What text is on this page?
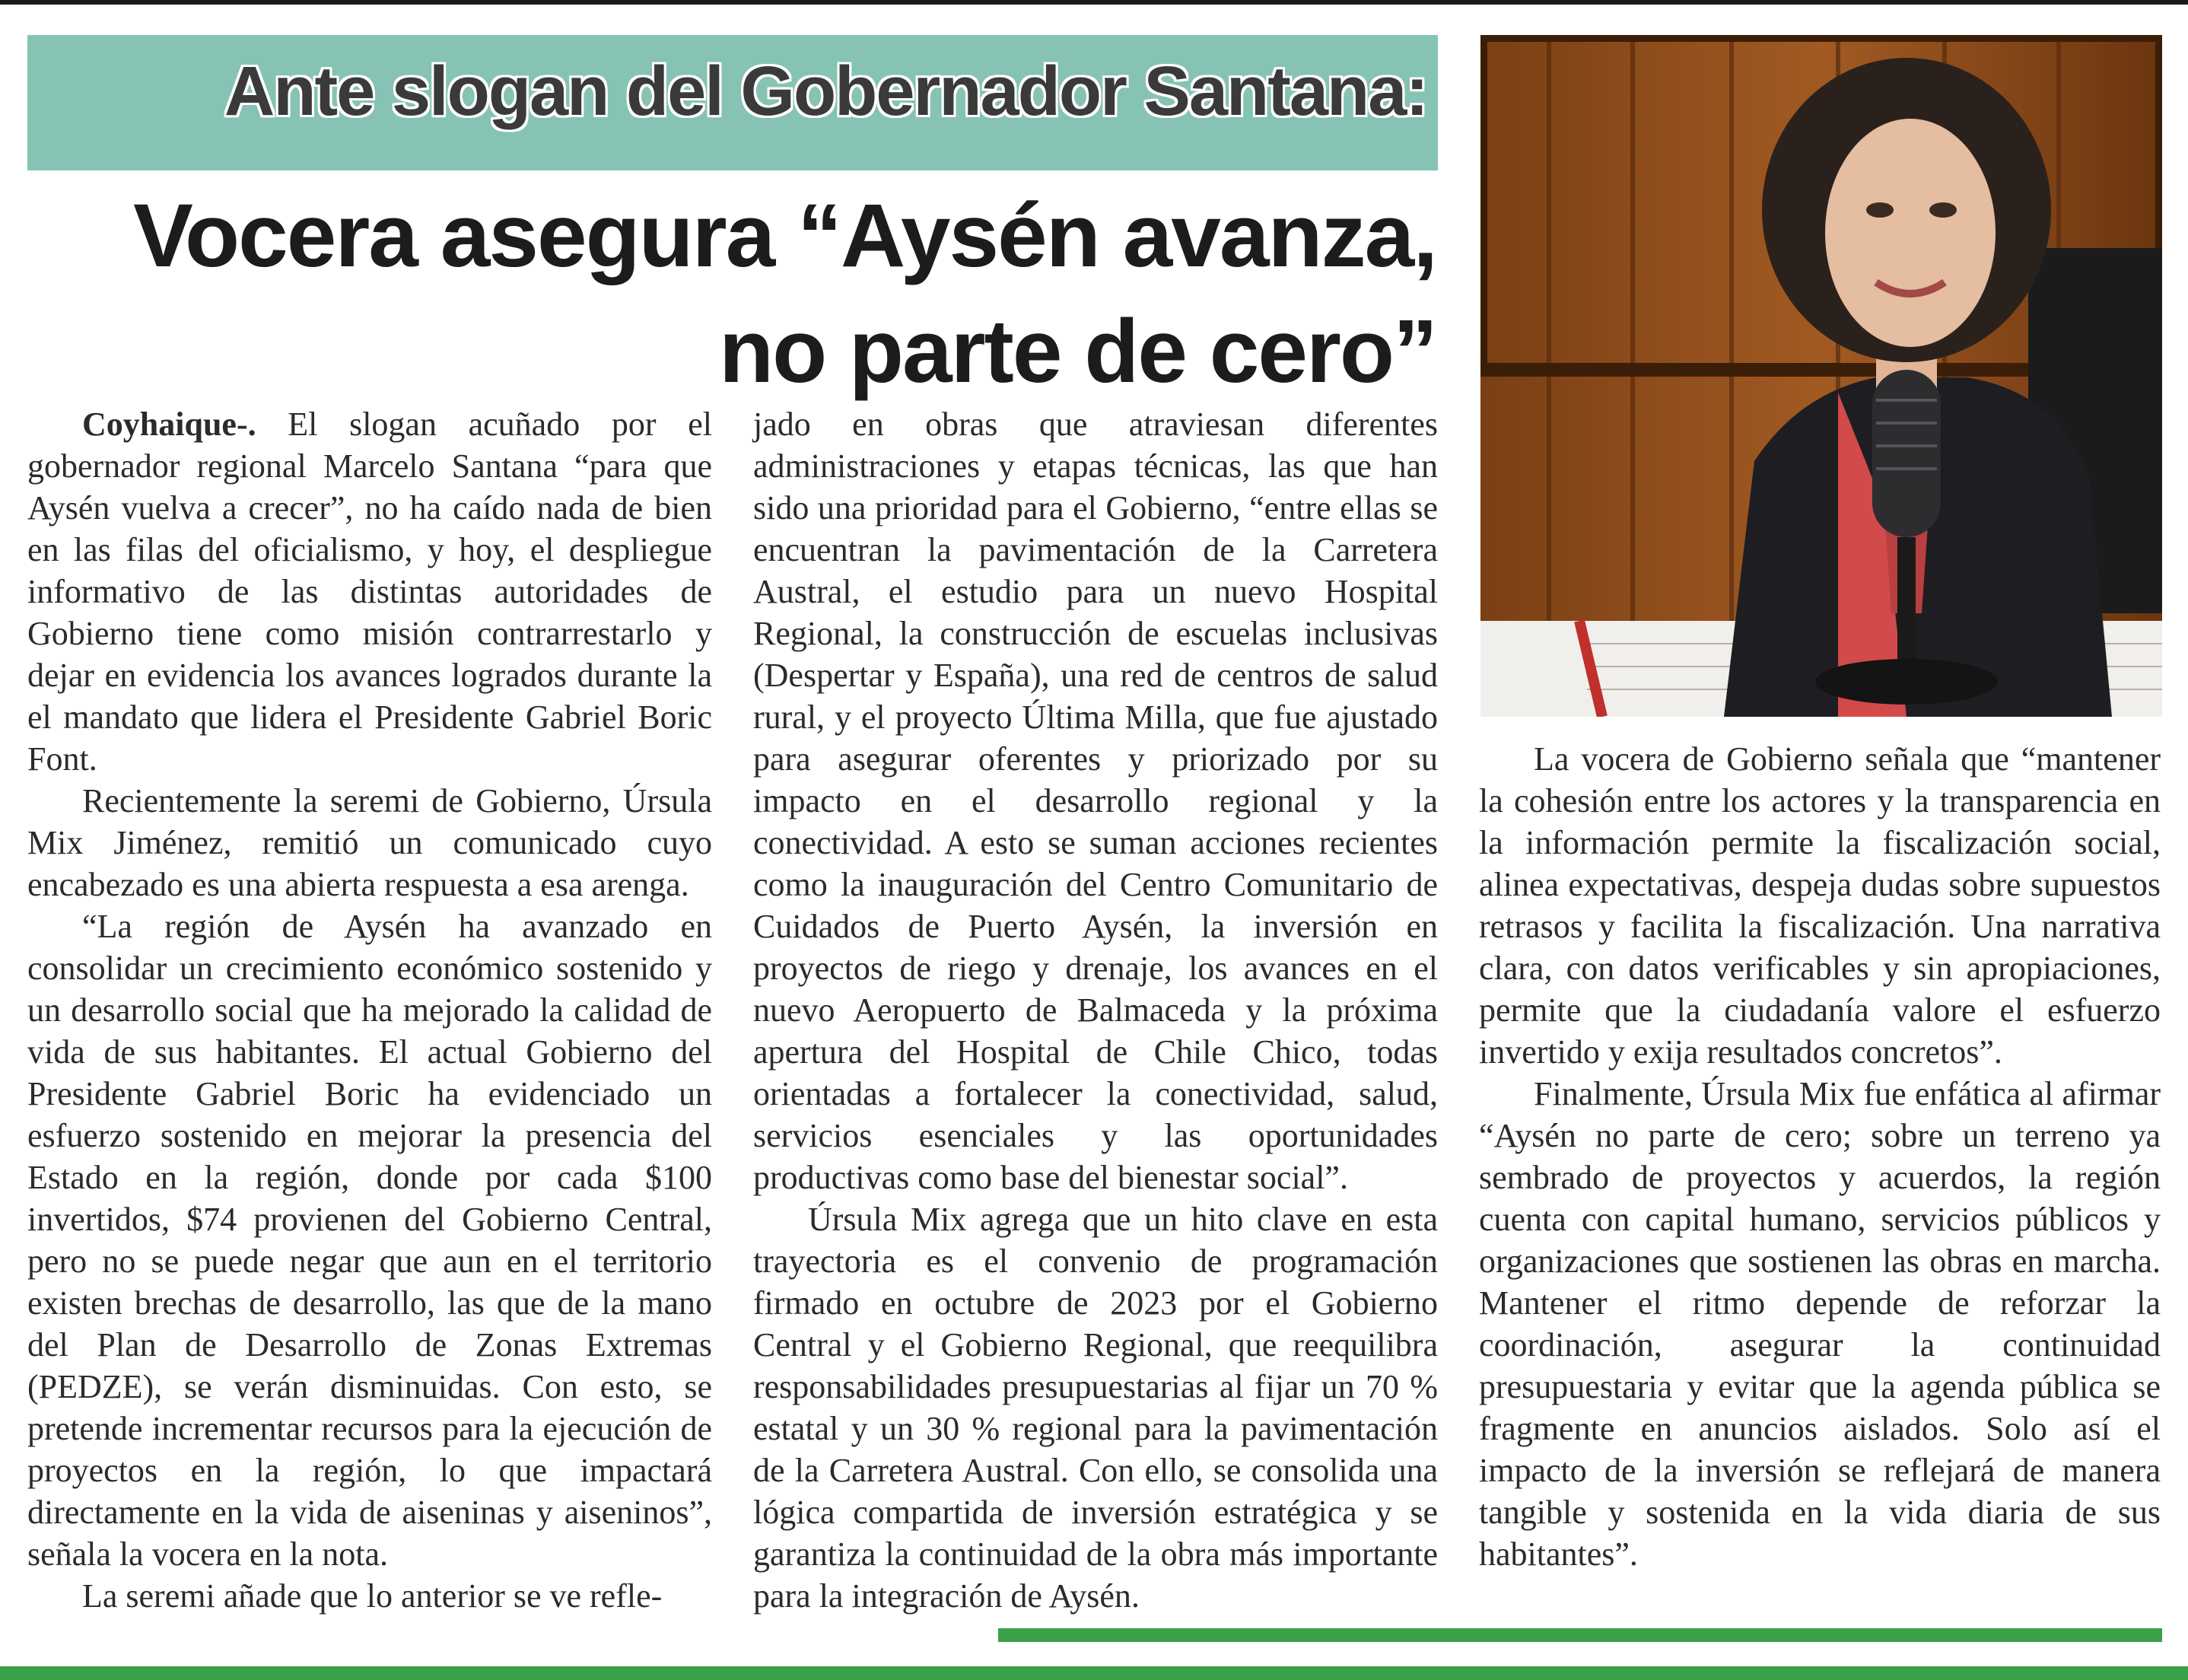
Ante slogan del Gobernador Santana:
Vocera asegura “Aysén avanza,
no parte de cero”

Coyhaique-. El slogan acuñado por el gobernador regional Marcelo Santana “para que Aysén vuelva a crecer”, no ha caído nada de bien en las filas del oficialismo, y hoy, el despliegue informativo de las distintas autoridades de Gobierno tiene como misión contrarrestarlo y dejar en evidencia los avances logrados durante la el mandato que lidera el Presidente Gabriel Boric Font.

Recientemente la seremi de Gobierno, Úrsula Mix Jiménez, remitió un comunicado cuyo encabezado es una abierta respuesta a esa arenga.

“La región de Aysén ha avanzado en consolidar un crecimiento económico sostenido y un desarrollo social que ha mejorado la calidad de vida de sus habitantes. El actual Gobierno del Presidente Gabriel Boric ha evidenciado un esfuerzo sostenido en mejorar la presencia del Estado en la región, donde por cada $100 invertidos, $74 provienen del Gobierno Central, pero no se puede negar que aun en el territorio existen brechas de desarrollo, las que de la mano del Plan de Desarrollo de Zonas Extremas (PEDZE), se verán disminuidas. Con esto, se pretende incrementar recursos para la ejecución de proyectos en la región, lo que impactará directamente en la vida de aiseninas y aiseninos”, señala la vocera en la nota.

La seremi añade que lo anterior se ve refle-

jado en obras que atraviesan diferentes administraciones y etapas técnicas, las que han sido una prioridad para el Gobierno, “entre ellas se encuentran la pavimentación de la Carretera Austral, el estudio para un nuevo Hospital Regional, la construcción de escuelas inclusivas (Despertar y España), una red de centros de salud rural, y el proyecto Última Milla, que fue ajustado para asegurar oferentes y priorizado por su impacto en el desarrollo regional y la conectividad. A esto se suman acciones recientes como la inauguración del Centro Comunitario de Cuidados de Puerto Aysén, la inversión en proyectos de riego y drenaje, los avances en el nuevo Aeropuerto de Balmaceda y la próxima apertura del Hospital de Chile Chico, todas orientadas a fortalecer la conectividad, salud, servicios esenciales y las oportunidades productivas como base del bienestar social”.

Úrsula Mix agrega que un hito clave en esta trayectoria es el convenio de programación firmado en octubre de 2023 por el Gobierno Central y el Gobierno Regional, que reequilibra responsabilidades presupuestarias al fijar un 70 % estatal y un 30 % regional para la pavimentación de la Carretera Austral. Con ello, se consolida una lógica compartida de inversión estratégica y se garantiza la continuidad de la obra más importante para la integración de Aysén.

La vocera de Gobierno señala que “mantener la cohesión entre los actores y la transparencia en la información permite la fiscalización social, alinea expectativas, despeja dudas sobre supuestos retrasos y facilita la fiscalización. Una narrativa clara, con datos verificables y sin apropiaciones, permite que la ciudadanía valore el esfuerzo invertido y exija resultados concretos”.

Finalmente, Úrsula Mix fue enfática al afirmar “Aysén no parte de cero; sobre un terreno ya sembrado de proyectos y acuerdos, la región cuenta con capital humano, servicios públicos y organizaciones que sostienen las obras en marcha. Mantener el ritmo depende de reforzar la coordinación, asegurar la continuidad presupuestaria y evitar que la agenda pública se fragmente en anuncios aislados. Solo así el impacto de la inversión se reflejará de manera tangible y sostenida en la vida diaria de sus habitantes”.
